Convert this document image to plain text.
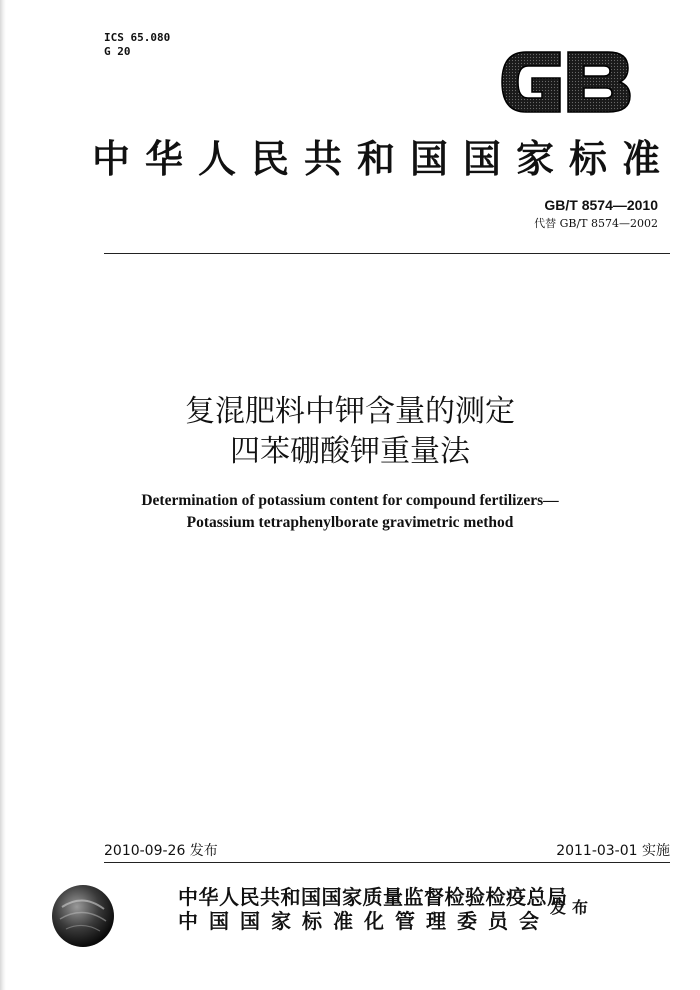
ICS 65.080
G 20
GB
中华人民共和国国家标准
GB/T 8574—2010
代替 GB/T 8574—2002
复混肥料中钾含量的测定
四苯硼酸钾重量法
Determination of potassium content for compound fertilizers—
Potassium tetraphenylborate gravimetric method
2010-09-26 发布	2011-03-01 实施
中华人民共和国国家质量监督检验检疫总局
中国国家标准化管理委员会
发布
